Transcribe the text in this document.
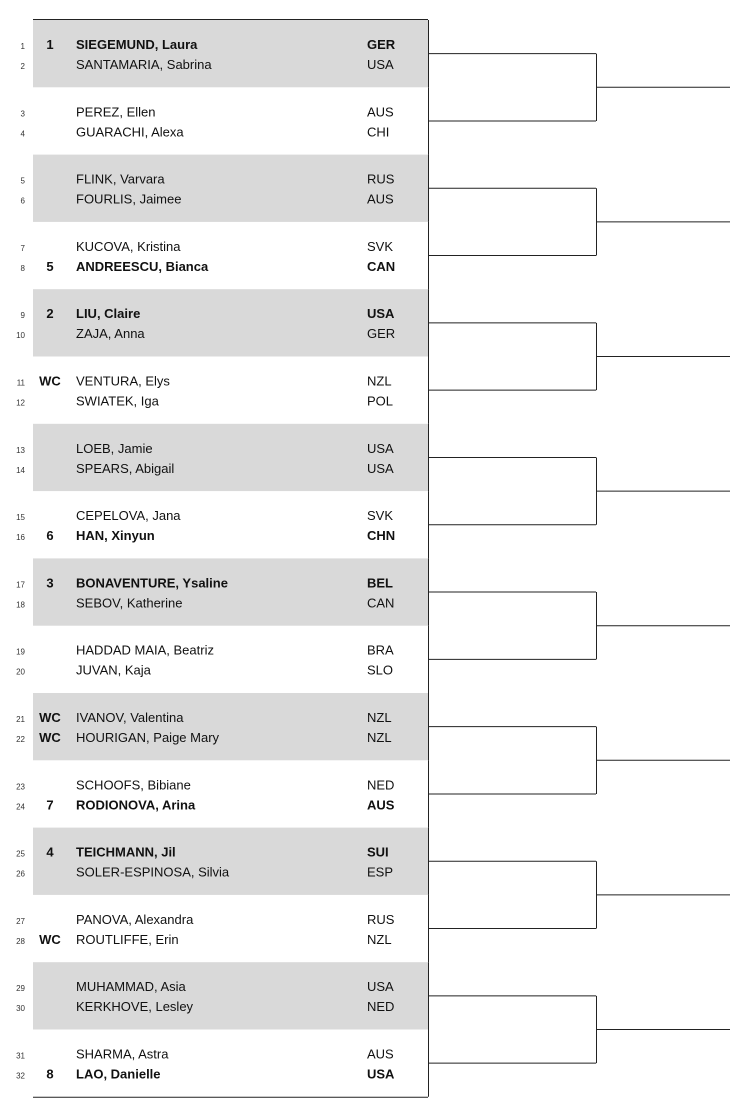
1 1 SIEGEMUND, Laura	GER
2	SANTAMARIA, Sabrina	USA
3	PEREZ, Ellen	AUS
4	GUARACHI, Alexa	CHI
5	FLINK, Varvara	RUS
6	FOURLIS, Jaimee	AUS
7	KUCOVA, Kristina	SVK
8 5 ANDREESCU, Bianca	CAN
9 2 LIU, Claire	USA
10	ZAJA, Anna	GER
11 WC VENTURA, Elys	NZL
12	SWIATEK, Iga	POL
13	LOEB, Jamie	USA
14	SPEARS, Abigail	USA
15	CEPELOVA, Jana	SVK
16 6 HAN, Xinyun	CHN
17 3 BONAVENTURE, Ysaline	BEL
18	SEBOV, Katherine	CAN
19	HADDAD MAIA, Beatriz	BRA
20	JUVAN, Kaja	SLO
21 WC IVANOV, Valentina	NZL
22 WC HOURIGAN, Paige Mary	NZL
23	SCHOOFS, Bibiane	NED
24 7 RODIONOVA, Arina	AUS
25 4 TEICHMANN, Jil	SUI
26	SOLER-ESPINOSA, Silvia	ESP
27	PANOVA, Alexandra	RUS
28 WC ROUTLIFFE, Erin	NZL
29	MUHAMMAD, Asia	USA
30	KERKHOVE, Lesley	NED
31	SHARMA, Astra	AUS
32 8 LAO, Danielle	USA
